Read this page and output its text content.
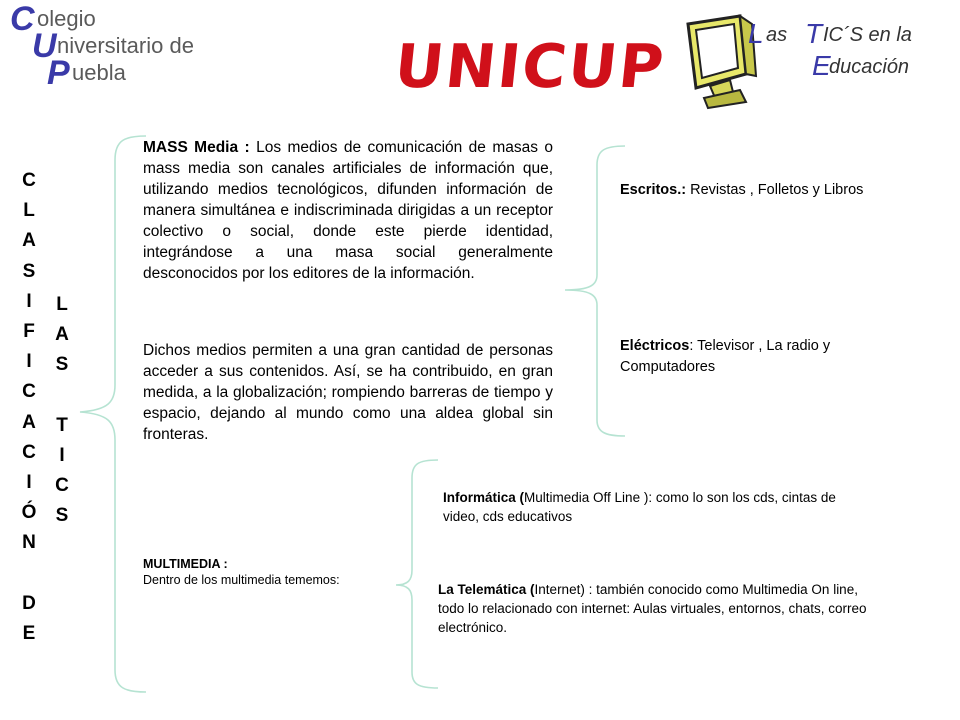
C olegio
U niversitario de
P uebla	UNICUP	L as T IC´S en la
E
ducación
C
L
A
S
I
F
I
C
A
C
I
Ó
N
D
E
L
A
S
T
I
C
S
MASS Media : Los medios de comunicación de masas o mass media son canales artificiales de información que, utilizando medios tecnológicos, difunden información de manera simultánea e indiscriminada dirigidas a un receptor colectivo o social, donde este pierde identidad, integrándose a una masa social generalmente desconocidos por los editores de la información.
Dichos medios permiten a una gran cantidad de personas acceder a sus contenidos. Así, se ha contribuido, en gran medida, a la globalización; rompiendo barreras de tiempo y espacio, dejando al mundo como una aldea global sin fronteras.
Escritos.: Revistas , Folletos y Libros
Eléctricos: Televisor , La radio y Computadores
MULTIMEDIA :
Dentro de los multimedia tememos:
Informática (Multimedia Off Line ): como lo son los cds, cintas de video, cds educativos
La Telemática (Internet) : también conocido como Multimedia On line, todo lo relacionado con internet: Aulas virtuales, entornos, chats, correo electrónico.
